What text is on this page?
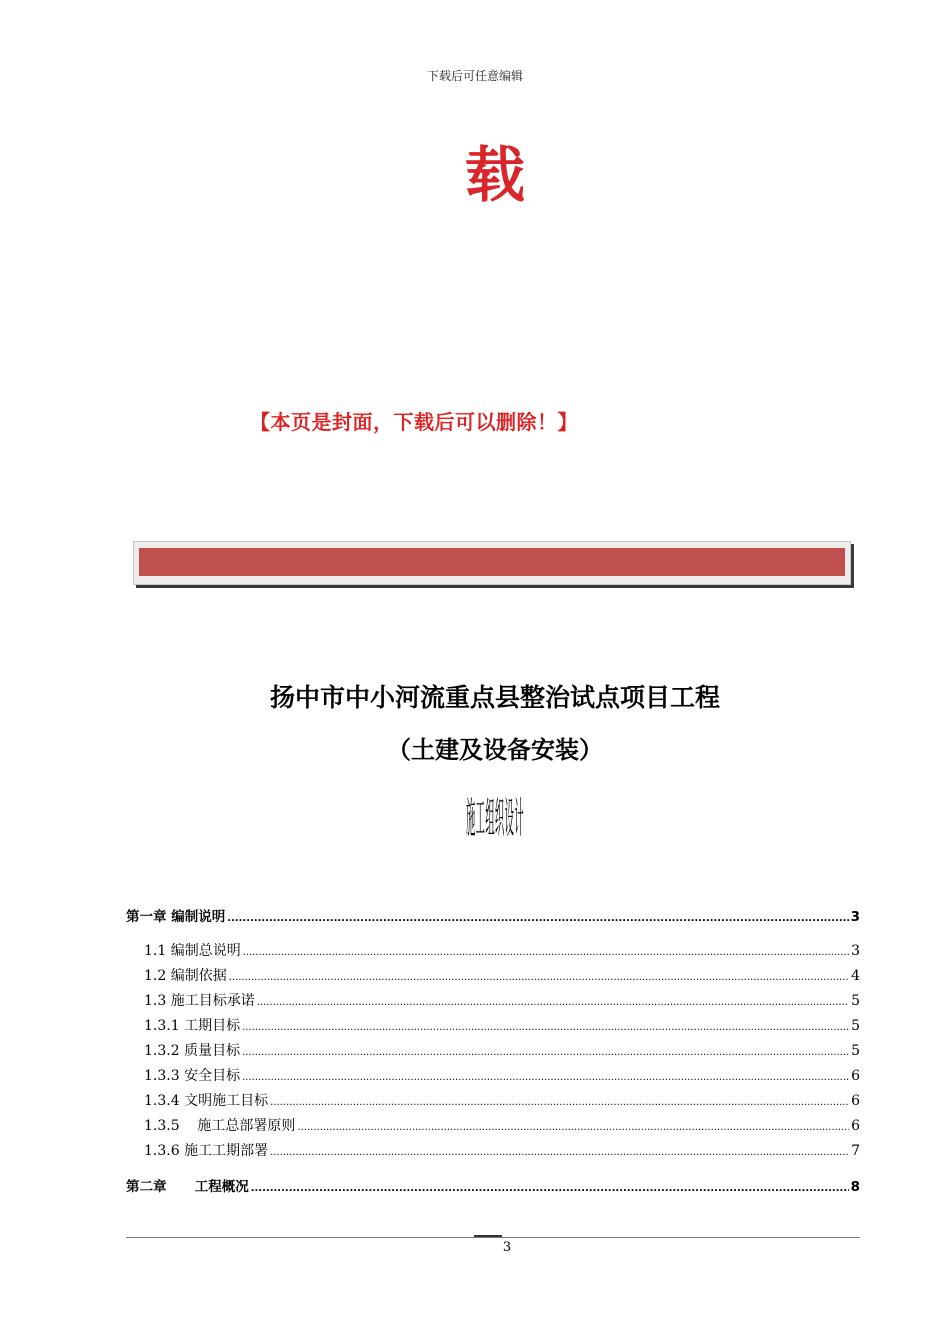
下载后可任意编辑
载
【本页是封面，下载后可以删除！】
扬中市中小河流重点县整治试点项目工程
（土建及设备安装）
施工组织设计
第一章 编制说明 .....	3
1.1 编制总说明 .....	3
1.2 编制依据 .....	4
1.3 施工目标承诺 .....	5
1.3.1 工期目标 .....	5
1.3.2 质量目标 .....	5
1.3.3 安全目标 .....	6
1.3.4 文明施工目标 .....	6
1.3.5    施工总部署原则 .....	6
1.3.6 施工工期部署 .....	7
第二章      工程概况 .....	8
3
